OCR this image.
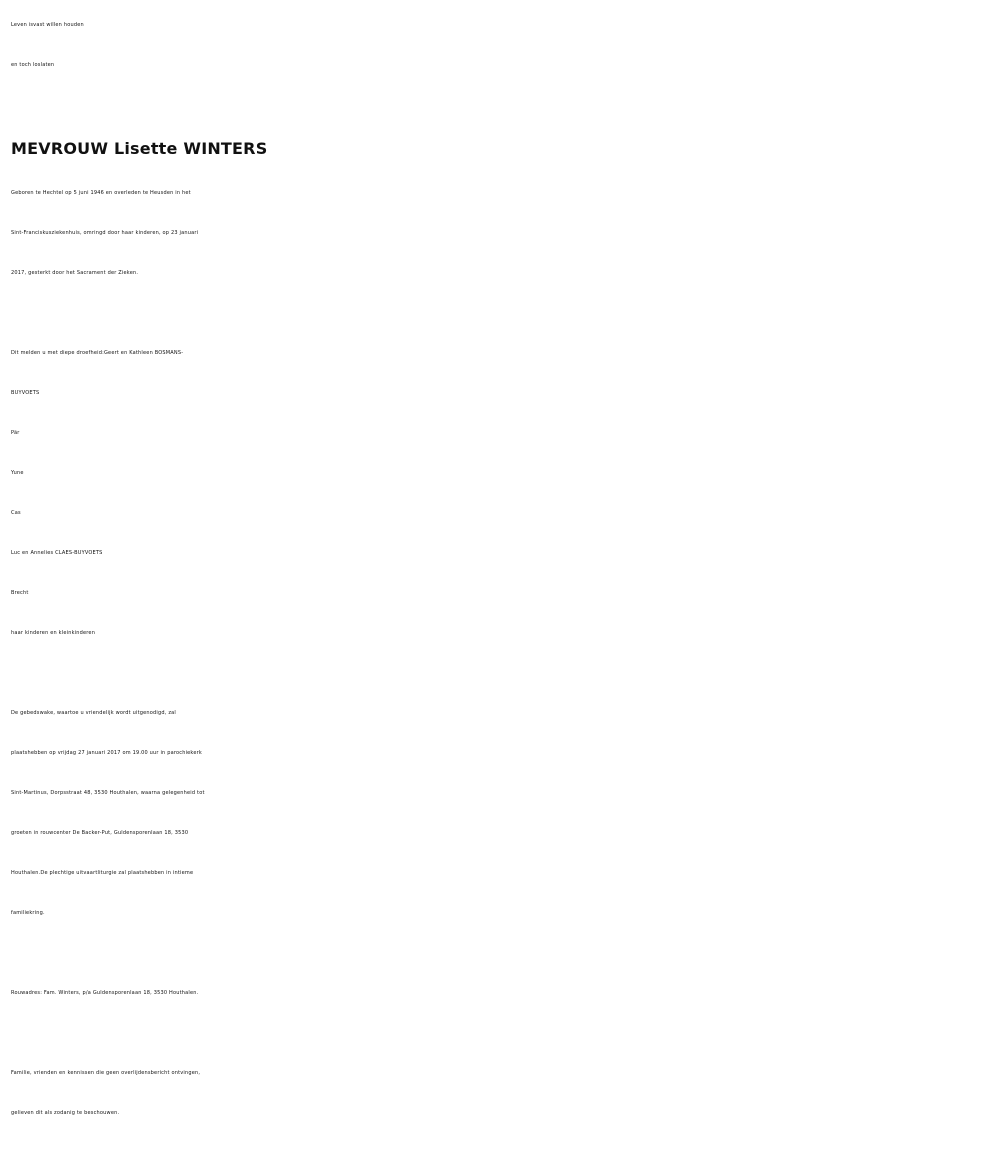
Leven isvast willen houden
en toch loslaten
MEVROUW Lisette WINTERS
Geboren te Hechtel op 5 juni 1946 en overleden te Heusden in het
Sint-Franciskusziekenhuis, omringd door haar kinderen, op 23 januari
2017, gesterkt door het Sacrament der Zieken.
Dit melden u met diepe droefheid:Geert en Kathleen BOSMANS-
BUYVOETS
Pär
Yune
Cas
Luc en Annelies CLAES-BUYVOETS
Brecht
haar kinderen en kleinkinderen
De gebedswake, waartoe u vriendelijk wordt uitgenodigd, zal
plaatshebben op vrijdag 27 januari 2017 om 19.00 uur in parochiekerk
Sint-Martinus, Dorpsstraat 48, 3530 Houthalen, waarna gelegenheid tot
groeten in rouwcenter De Backer-Put, Guldensporenlaan 18, 3530
Houthalen.De plechtige uitvaartliturgie zal plaatshebben in intieme
familiekring.
Rouwadres: Fam. Winters, p/a Guldensporenlaan 18, 3530 Houthalen.
Familie, vrienden en kennissen die geen overlijdensbericht ontvingen,
gelieven dit als zodanig te beschouwen.
